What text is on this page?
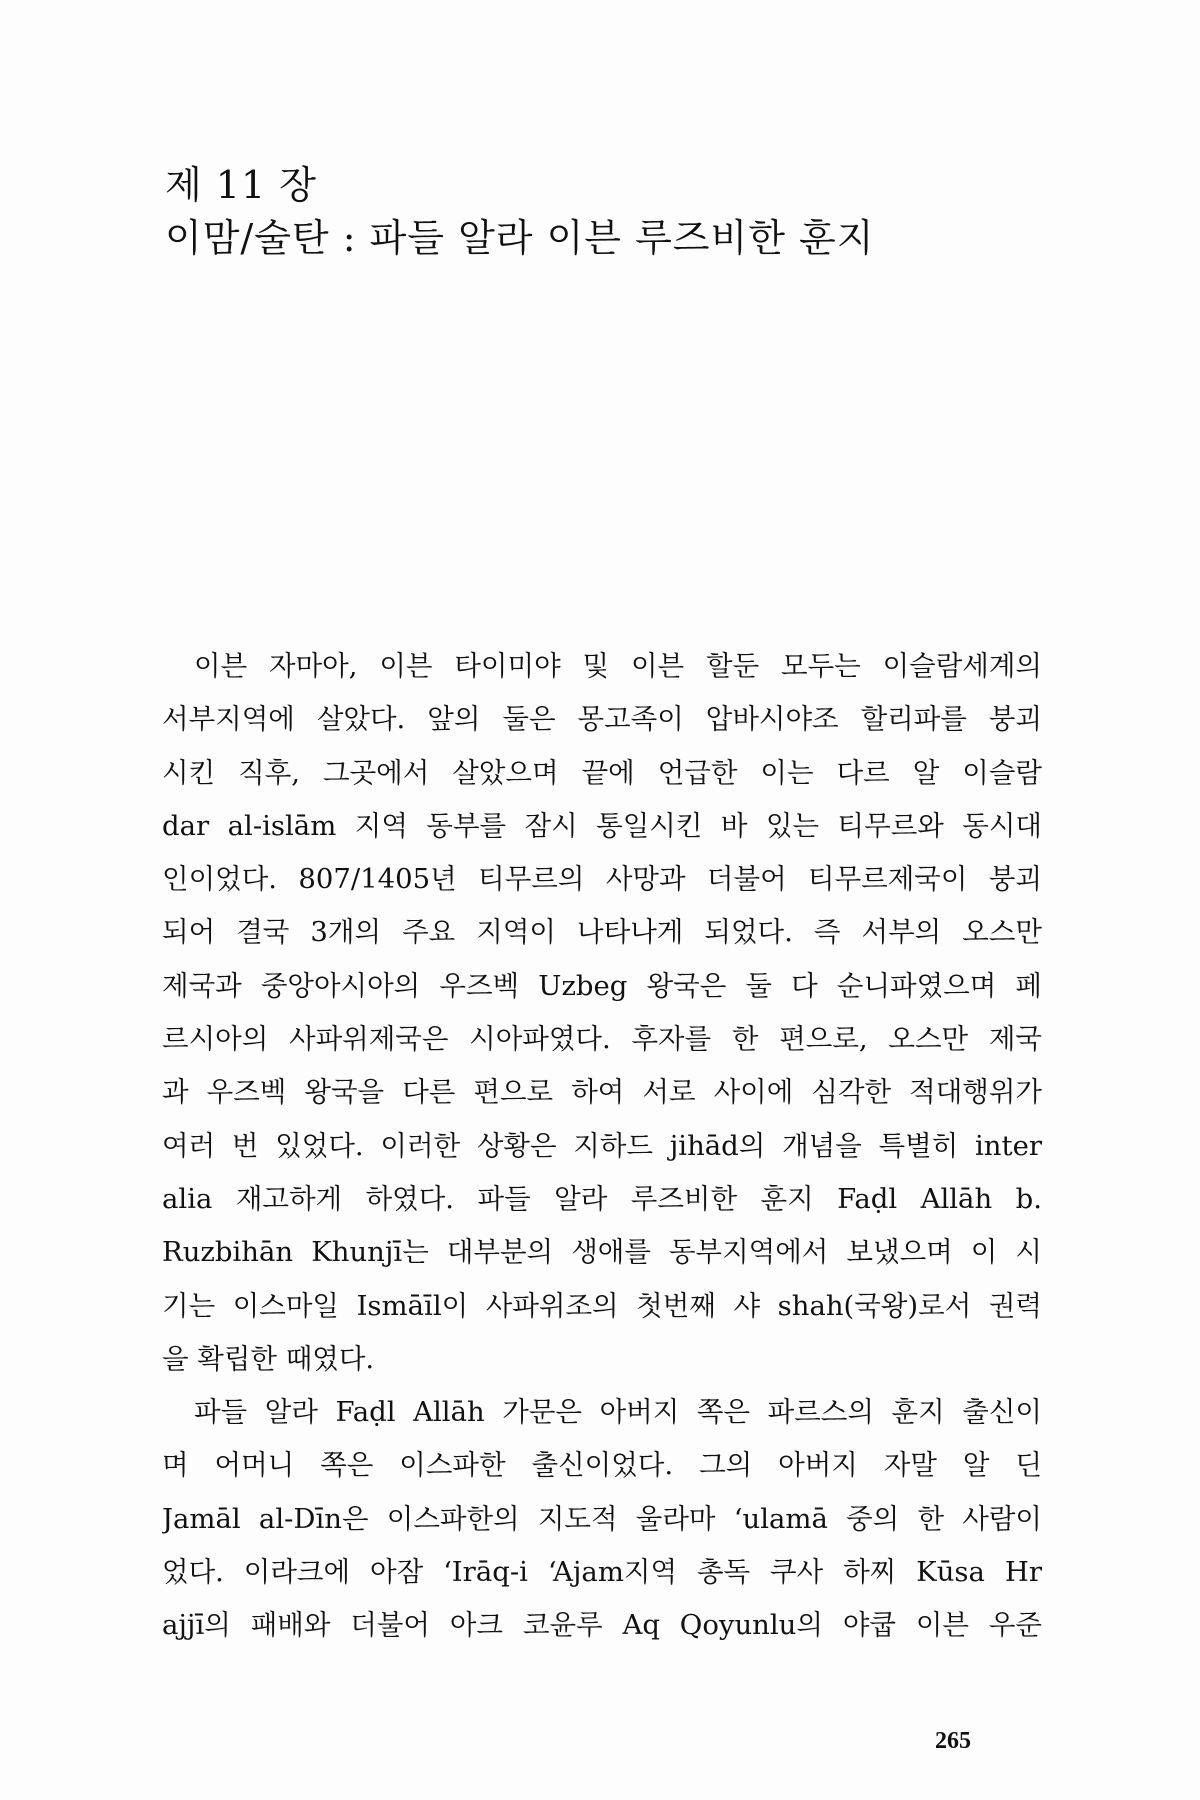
제 11 장
이맘/술탄 : 파들 알라 이븐 루즈비한 훈지
이븐 자마아, 이븐 타이미야 및 이븐 할둔 모두는 이슬람세계의
서부지역에 살았다. 앞의 둘은 몽고족이 압바시야조 할리파를 붕괴
시킨 직후, 그곳에서 살았으며 끝에 언급한 이는 다르 알 이슬람
dar al-islām 지역 동부를 잠시 통일시킨 바 있는 티무르와 동시대
인이었다. 807/1405년 티무르의 사망과 더불어 티무르제국이 붕괴
되어 결국 3개의 주요 지역이 나타나게 되었다. 즉 서부의 오스만
제국과 중앙아시아의 우즈벡 Uzbeg 왕국은 둘 다 순니파였으며 페
르시아의 사파위제국은 시아파였다. 후자를 한 편으로, 오스만 제국
과 우즈벡 왕국을 다른 편으로 하여 서로 사이에 심각한 적대행위가
여러 번 있었다. 이러한 상황은 지하드 jihād의 개념을 특별히 inter
alia 재고하게 하였다. 파들 알라 루즈비한 훈지 Faḍl Allāh b.
Ruzbihān Khunjī는 대부분의 생애를 동부지역에서 보냈으며 이 시
기는 이스마일 Ismāīl이 사파위조의 첫번째 샤 shah(국왕)로서 권력
을 확립한 때였다.
파들 알라 Faḍl Allāh 가문은 아버지 쪽은 파르스의 훈지 출신이
며 어머니 쪽은 이스파한 출신이었다. 그의 아버지 자말 알 딘
Jamāl al-Dīn은 이스파한의 지도적 울라마 ‘ulamā 중의 한 사람이
었다. 이라크에 아잠 ‘Irāq-i ‘Ajam지역 총독 쿠사 하찌 Kūsa Hr
ajjī의 패배와 더불어 아크 코윤루 Aq Qoyunlu의 야쿱 이븐 우준
265
